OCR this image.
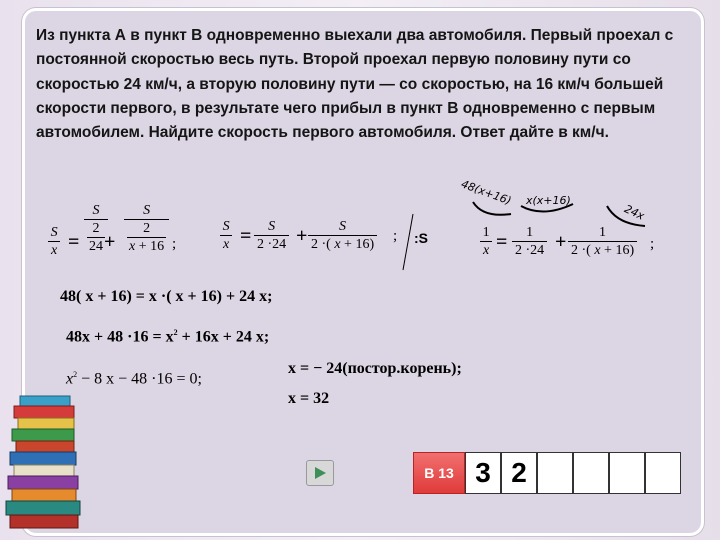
Из пункта А в пункт В одновременно выехали два автомобиля. Первый проехал с постоянной скоростью весь путь. Второй проехал первую половину пути со скоростью 24 км/ч, а вторую половину пути — со скоростью, на 16 км/ч большей скорости первого, в результате чего прибыл в пункт В одновременно с первым автомобилем. Найдите скорость первого автомобиля. Ответ дайте в км/ч.
$\frac{S}{x} = S$
2
24
+ S
2
x + 16 ;	$\frac{S}{x} = \frac{S}{2 \cdot 24} + \frac{S}{2 \cdot( x + 16)}$ ; :S
48(x+16) x(x+16)
24x
$\frac{1}{x} = \frac{1}{2 \cdot 24} + \frac{1}{2 \cdot( x + 16)}$ ;
48( x + 16) = x ·( x + 16) + 24 x;
$48x + 48 \cdot 16 = x^2 + 16x + 24$ x;
$x^2 - 8$ x − 48 ·16 = 0;
x = − 24(постор.корень);
x = 32
В 13 3 2
